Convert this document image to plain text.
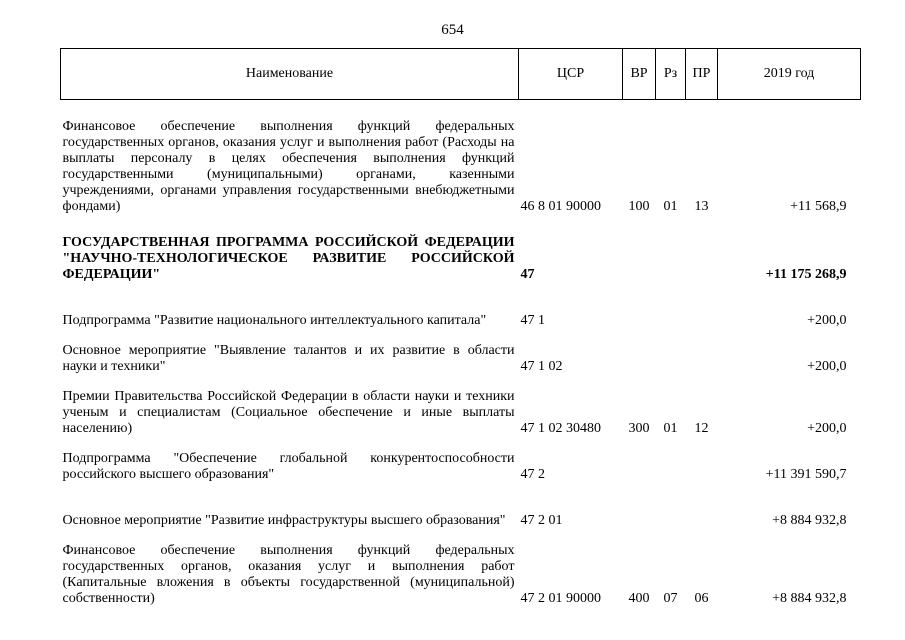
654
Наименование	ЦСР	ВР	Рз	ПР	2019 год
Финансовое обеспечение выполнения функций федеральных государственных органов, оказания услуг и выполнения работ (Расходы на выплаты персоналу в целях обеспечения выполнения функций государственными (муниципальными) органами, казенными учреждениями, органами управления государственными внебюджетными фондами)	46 8 01 90000	100	01	13	+11 568,9
ГОСУДАРСТВЕННАЯ ПРОГРАММА РОССИЙСКОЙ ФЕДЕРАЦИИ "НАУЧНО-ТЕХНОЛОГИЧЕСКОЕ РАЗВИТИЕ РОССИЙСКОЙ ФЕДЕРАЦИИ"	47				+11 175 268,9
Подпрограмма "Развитие национального интеллектуального капитала"	47 1				+200,0
Основное мероприятие "Выявление талантов и их развитие в области науки и техники"	47 1 02				+200,0
Премии Правительства Российской Федерации в области науки и техники ученым и специалистам (Социальное обеспечение и иные выплаты населению)	47 1 02 30480	300	01	12	+200,0
Подпрограмма "Обеспечение глобальной конкурентоспособности российского высшего образования"	47 2				+11 391 590,7
Основное мероприятие "Развитие инфраструктуры высшего образования"	47 2 01				+8 884 932,8
Финансовое обеспечение выполнения функций федеральных государственных органов, оказания услуг и выполнения работ (Капитальные вложения в объекты государственной (муниципальной) собственности)	47 2 01 90000	400	07	06	+8 884 932,8
